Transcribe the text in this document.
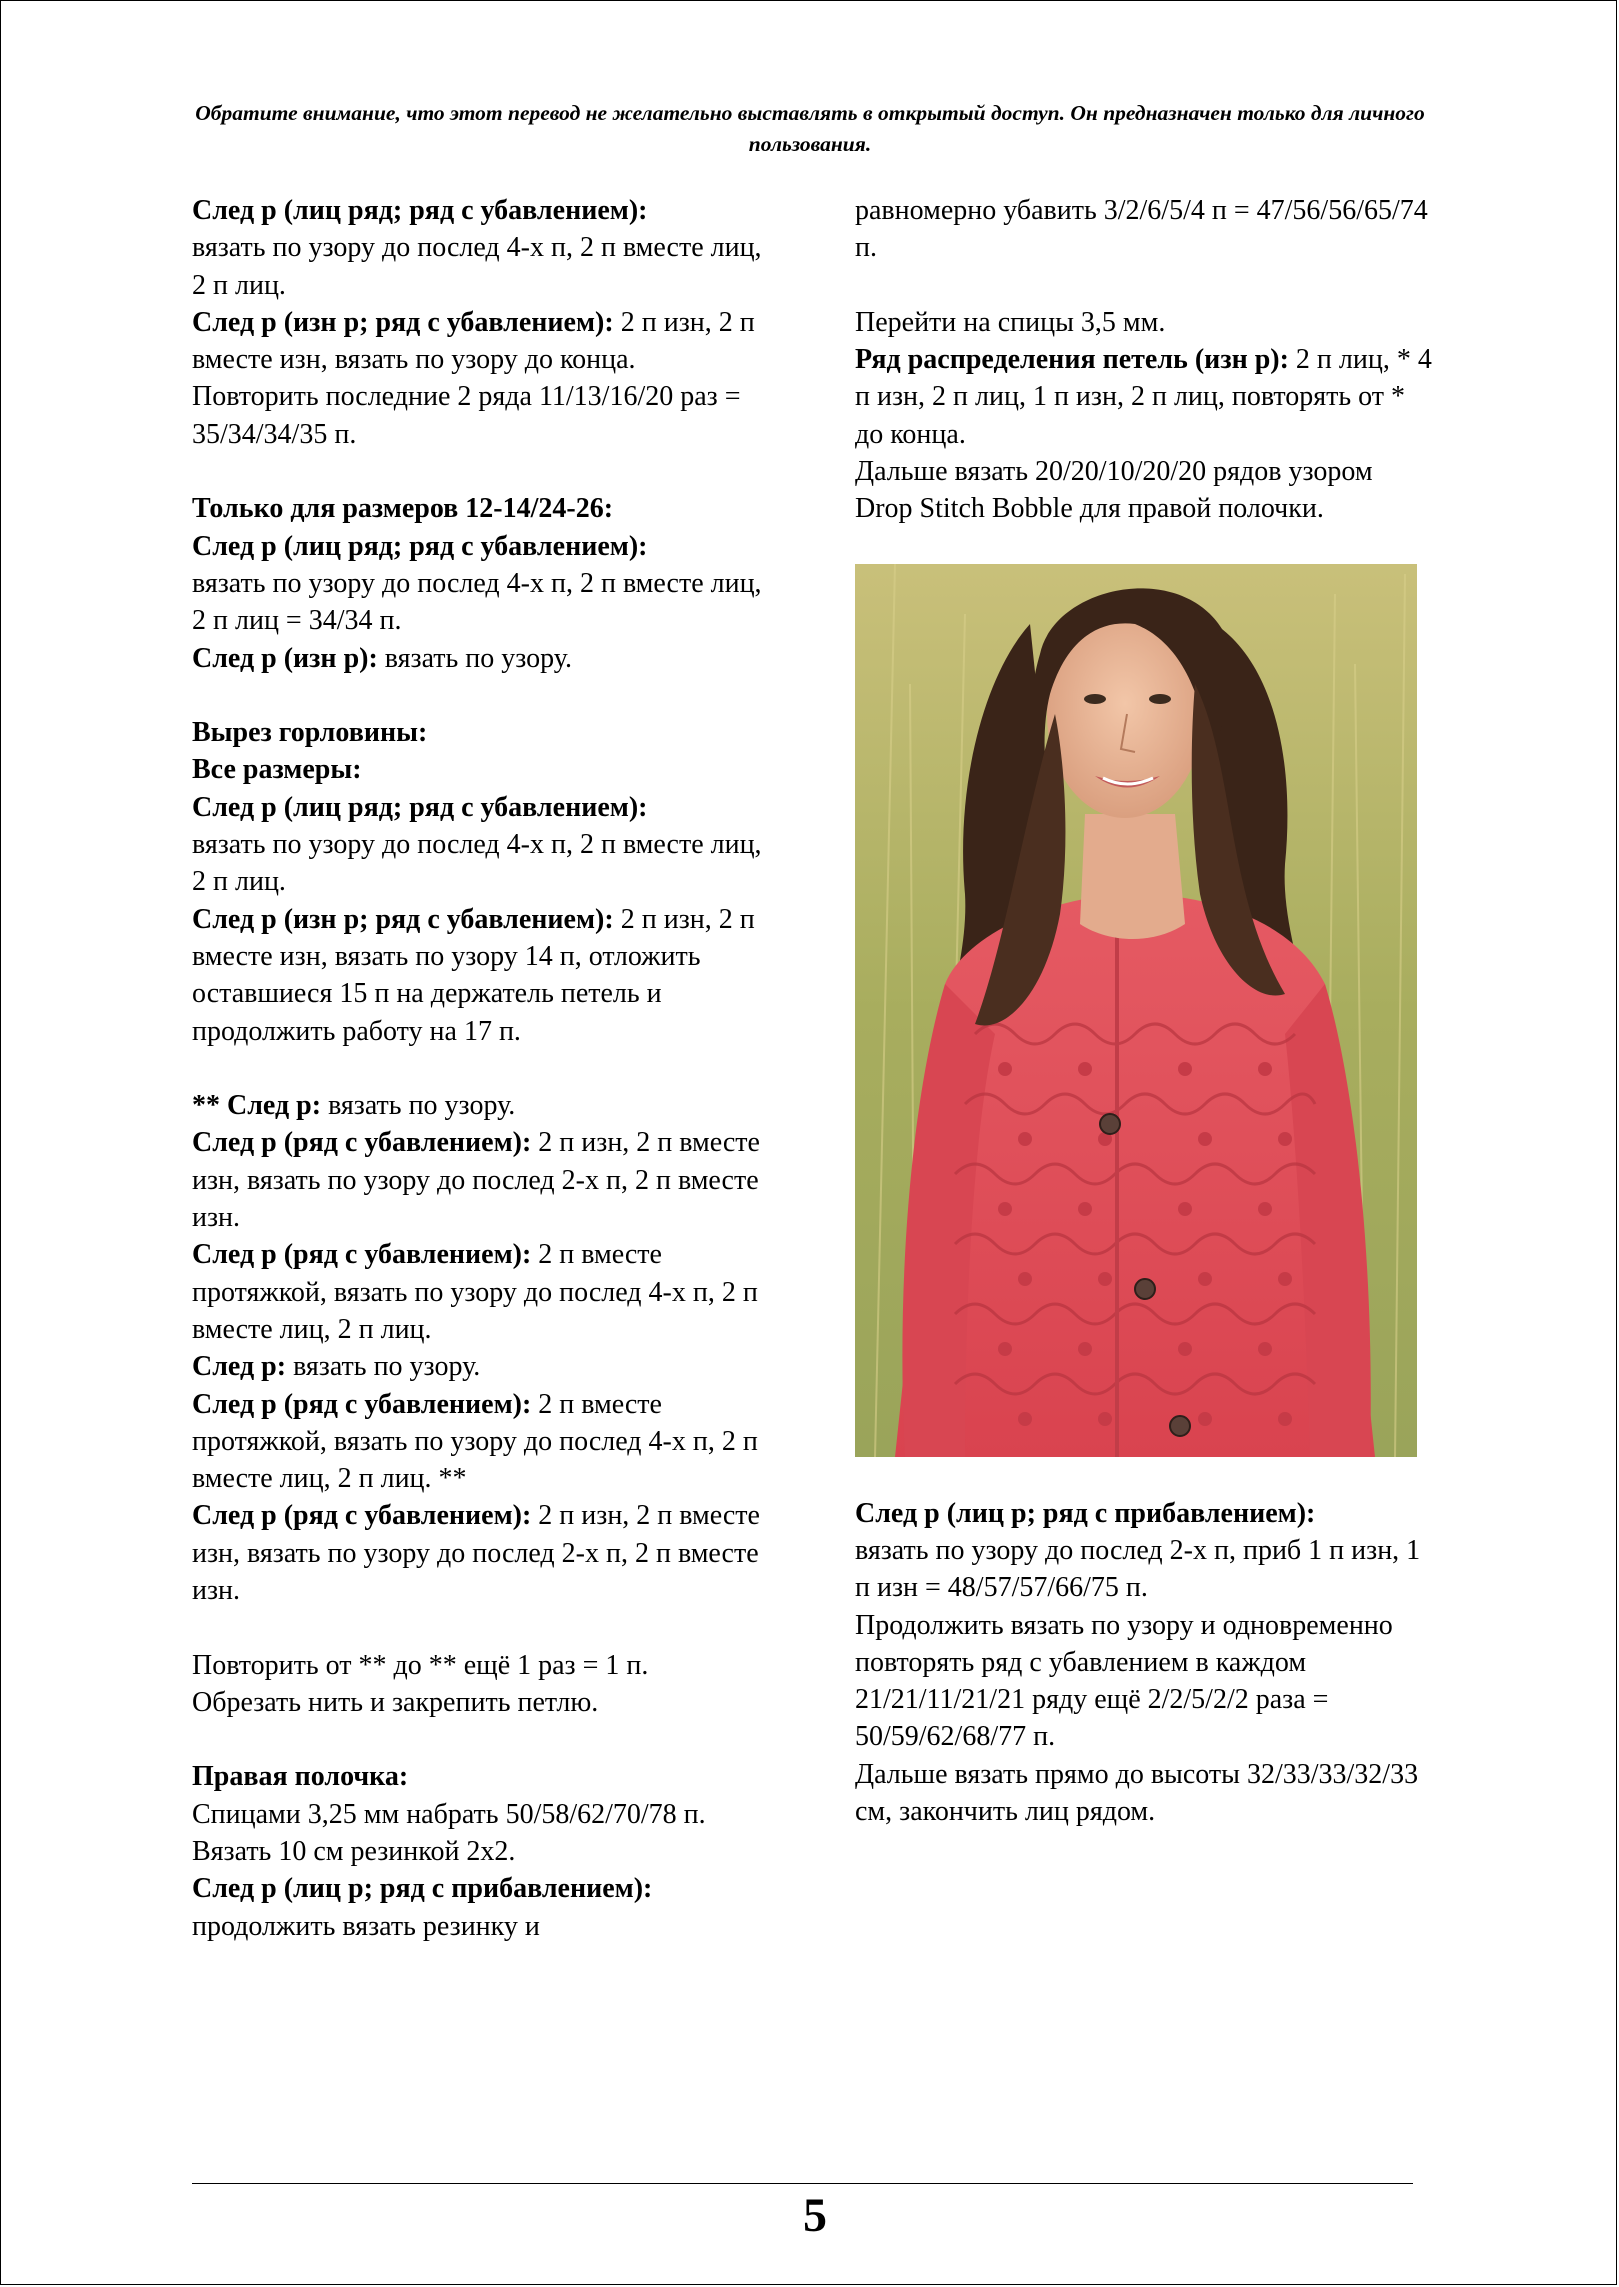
Обратите внимание, что этот перевод не желательно выставлять в открытый доступ. Он предназначен только для личного пользования.

След р (лиц ряд; ряд с убавлением):
вязать по узору до послед 4-х п, 2 п вместе лиц, 2 п лиц.

След р (изн р; ряд с убавлением): 2 п изн, 2 п вместе изн, вязать по узору до конца.

Повторить последние 2 ряда 11/13/16/20 раз = 35/34/34/35 п.

Только для размеров 12-14/24-26:

След р (лиц ряд; ряд с убавлением):
вязать по узору до послед 4-х п, 2 п вместе лиц, 2 п лиц = 34/34 п.

След р (изн р): вязать по узору.

Вырез горловины:

Все размеры:

След р (лиц ряд; ряд с убавлением):
вязать по узору до послед 4-х п, 2 п вместе лиц, 2 п лиц.

След р (изн р; ряд с убавлением): 2 п изн, 2 п вместе изн, вязать по узору 14 п, отложить оставшиеся 15 п на держатель петель и продолжить работу на 17 п.

** След р: вязать по узору.

След р (ряд с убавлением): 2 п изн, 2 п вместе изн, вязать по узору до послед 2-х п, 2 п вместе изн.

След р (ряд с убавлением): 2 п вместе протяжкой, вязать по узору до послед 4-х п, 2 п вместе лиц, 2 п лиц.

След р: вязать по узору.

След р (ряд с убавлением): 2 п вместе протяжкой, вязать по узору до послед 4-х п, 2 п вместе лиц, 2 п лиц. **

След р (ряд с убавлением): 2 п изн, 2 п вместе изн, вязать по узору до послед 2-х п, 2 п вместе изн.

Повторить от ** до ** ещё 1 раз = 1 п.

Обрезать нить и закрепить петлю.

Правая полочка:

Спицами 3,25 мм набрать 50/58/62/70/78 п.

Вязать 10 см резинкой 2х2.

След р (лиц р; ряд с прибавлением):
продолжить вязать резинку и

равномерно убавить 3/2/6/5/4 п = 47/56/56/65/74 п.

Перейти на спицы 3,5 мм.

Ряд распределения петель (изн р): 2 п лиц, * 4 п изн, 2 п лиц, 1 п изн, 2 п лиц, повторять от * до конца.

Дальше вязать 20/20/10/20/20 рядов узором Drop Stitch Bobble для правой полочки.

След р (лиц р; ряд с прибавлением):
вязать по узору до послед 2-х п, приб 1 п изн, 1 п изн = 48/57/57/66/75 п.

Продолжить вязать по узору и одновременно повторять ряд с убавлением в каждом 21/21/11/21/21 ряду ещё 2/2/5/2/2 раза = 50/59/62/68/77 п.

Дальше вязать прямо до высоты 32/33/33/32/33 см, закончить лиц рядом.

5
